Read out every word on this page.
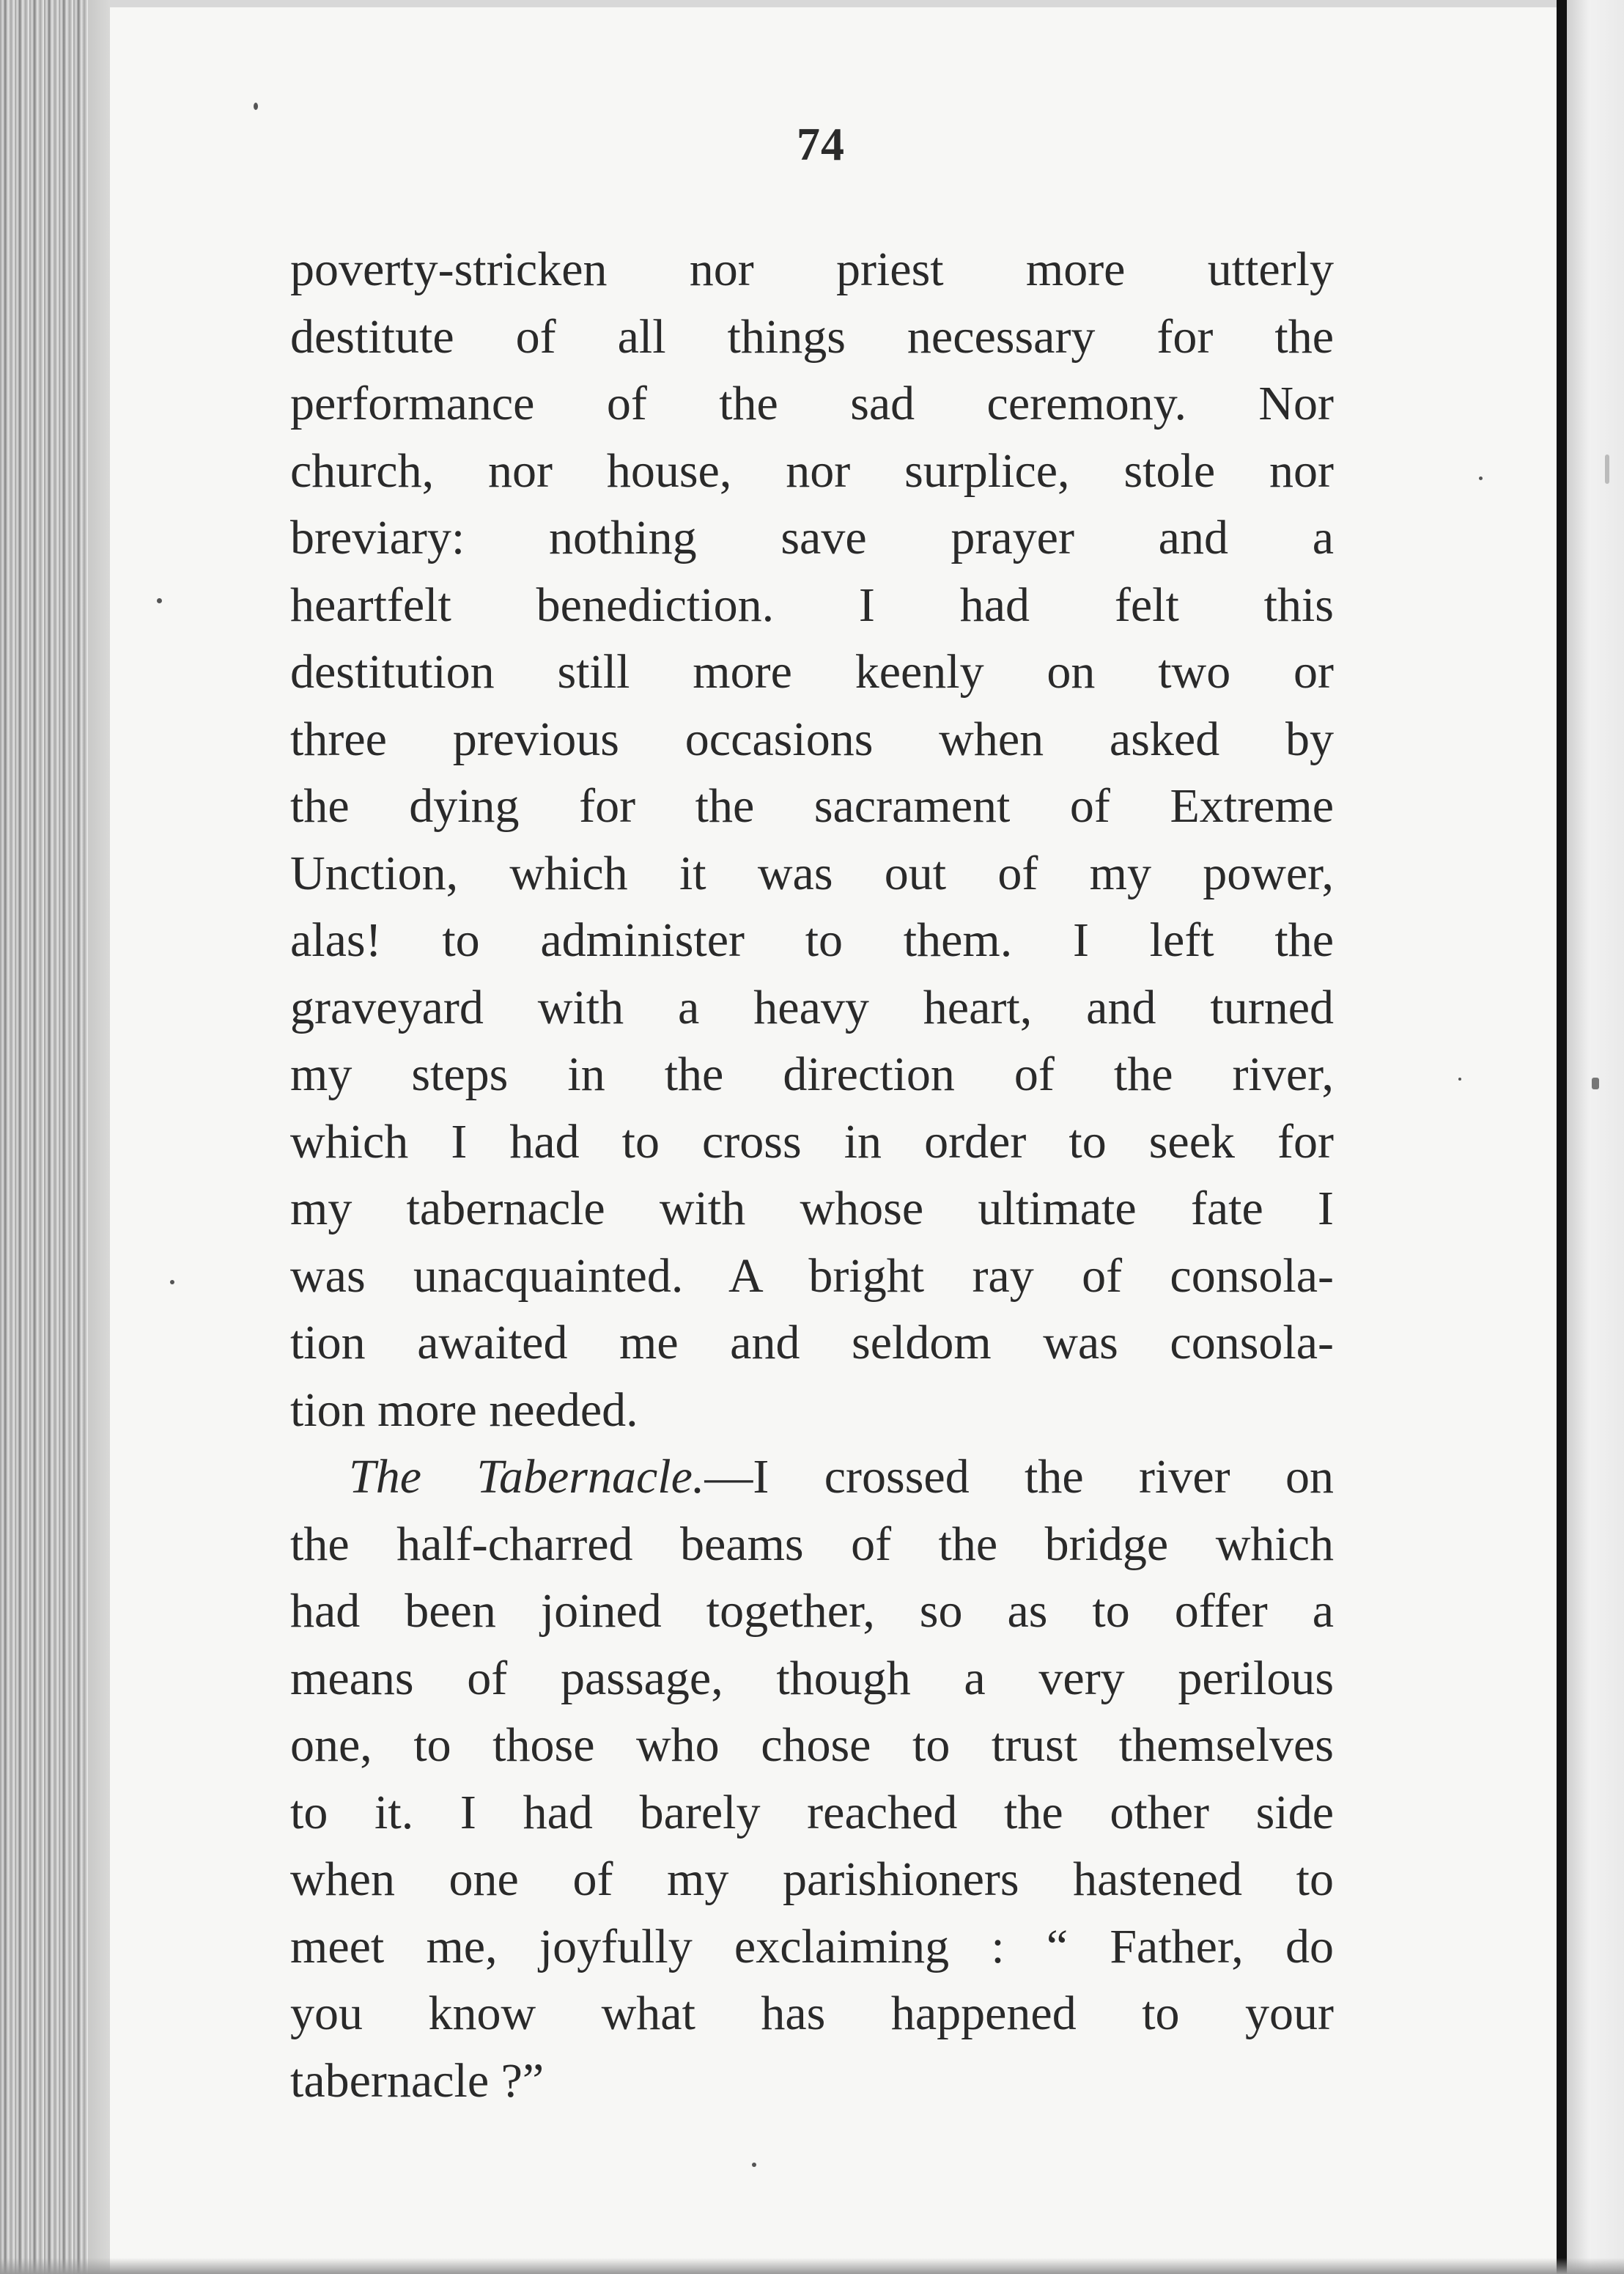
74
poverty-stricken nor priest more utterly
destitute of all things necessary for the
performance of the sad ceremony. Nor
church, nor house, nor surplice, stole nor
breviary: nothing save prayer and a
heartfelt benediction. I had felt this
destitution still more keenly on two or
three previous occasions when asked by
the dying for the sacrament of Extreme
Unction, which it was out of my power,
alas! to administer to them. I left the
graveyard with a heavy heart, and turned
my steps in the direction of the river,
which I had to cross in order to seek for
my tabernacle with whose ultimate fate I
was unacquainted. A bright ray of consola-
tion awaited me and seldom was consola-
tion more needed.
The Tabernacle.—I crossed the river on
the half-charred beams of the bridge which
had been joined together, so as to offer a
means of passage, though a very perilous
one, to those who chose to trust themselves
to it. I had barely reached the other side
when one of my parishioners hastened to
meet me, joyfully exclaiming : “ Father, do
you know what has happened to your
tabernacle ?”
